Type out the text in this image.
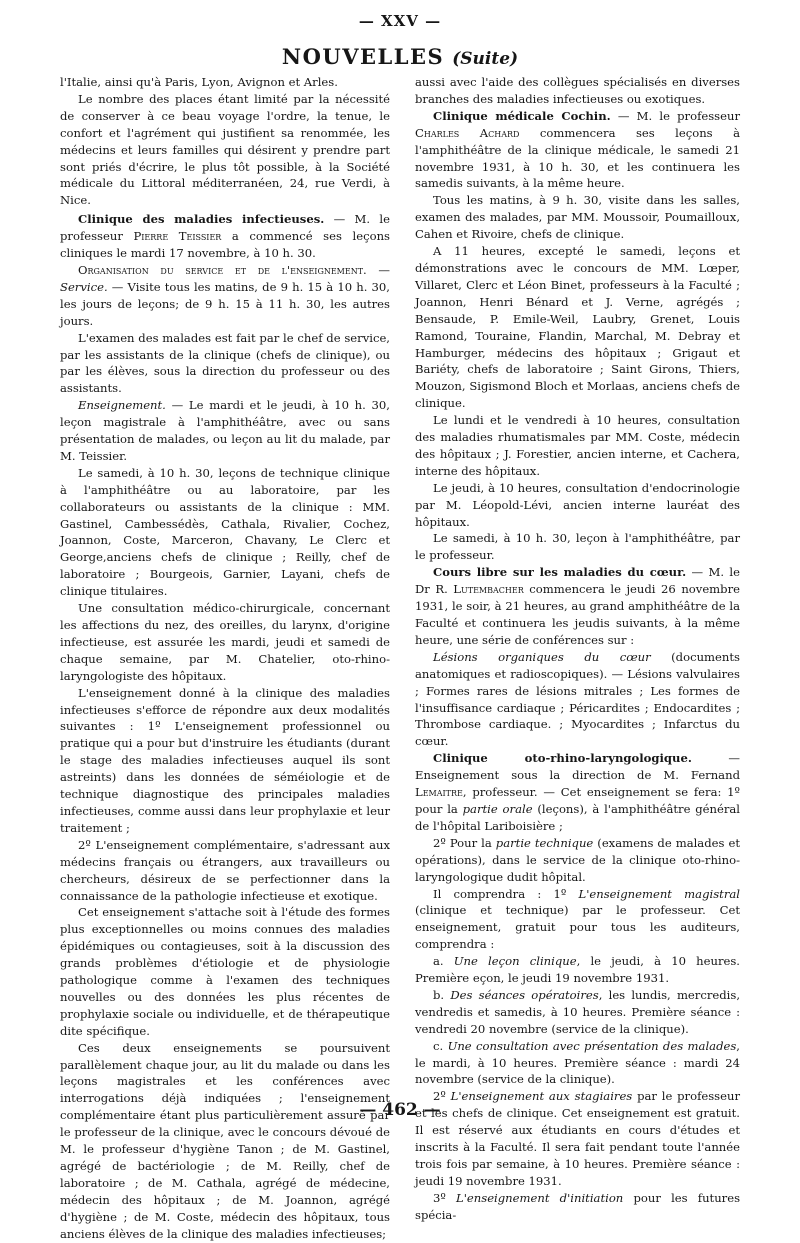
— XXV —
NOUVELLES (Suite)

l'Italie, ainsi qu'à Paris, Lyon, Avignon et Arles.

Le nombre des places étant limité par la nécessité de conserver à ce beau voyage l'ordre, la tenue, le confort et l'agrément qui justifient sa renommée, les médecins et leurs familles qui désirent y prendre part sont priés d'écrire, le plus tôt possible, à la Société médicale du Littoral méditerranéen, 24, rue Verdi, à Nice.

Clinique des maladies infectieuses. — M. le professeur Pierre Teissier a commencé ses leçons cliniques le mardi 17 novembre, à 10 h. 30.

Organisation du service et de l'enseignement. — Service. — Visite tous les matins, de 9 h. 15 à 10 h. 30, les jours de leçons; de 9 h. 15 à 11 h. 30, les autres jours.

L'examen des malades est fait par le chef de service, par les assistants de la clinique (chefs de clinique), ou par les élèves, sous la direction du professeur ou des assistants.

Enseignement. — Le mardi et le jeudi, à 10 h. 30, leçon magistrale à l'amphithéâtre, avec ou sans présentation de malades, ou leçon au lit du malade, par M. Teissier.

Le samedi, à 10 h. 30, leçons de technique clinique à l'amphithéâtre ou au laboratoire, par les collaborateurs ou assistants de la clinique : MM. Gastinel, Cambessédès, Cathala, Rivalier, Cochez, Joannon, Coste, Marceron, Chavany, Le Clerc et George,anciens chefs de clinique ; Reilly, chef de laboratoire ; Bourgeois, Garnier, Layani, chefs de clinique titulaires.

Une consultation médico-chirurgicale, concernant les affections du nez, des oreilles, du larynx, d'origine infectieuse, est assurée les mardi, jeudi et samedi de chaque semaine, par M. Chatelier, oto-rhino-laryngologiste des hôpitaux.

L'enseignement donné à la clinique des maladies infectieuses s'efforce de répondre aux deux modalités suivantes : 1º L'enseignement professionnel ou pratique qui a pour but d'instruire les étudiants (durant le stage des maladies infectieuses auquel ils sont astreints) dans les données de séméiologie et de technique diagnostique des principales maladies infectieuses, comme aussi dans leur prophylaxie et leur traitement ;

2º L'enseignement complémentaire, s'adressant aux médecins français ou étrangers, aux travailleurs ou chercheurs, désireux de se perfectionner dans la connaissance de la pathologie infectieuse et exotique.

Cet enseignement s'attache soit à l'étude des formes plus exceptionnelles ou moins connues des maladies épidémiques ou contagieuses, soit à la discussion des grands problèmes d'étiologie et de physiologie pathologique comme à l'examen des techniques nouvelles ou des données les plus récentes de prophylaxie sociale ou individuelle, et de thérapeutique dite spécifique.

Ces deux enseignements se poursuivent parallèlement chaque jour, au lit du malade ou dans les leçons magistrales et les conférences avec interrogations déjà indiquées ; l'enseignement complémentaire étant plus particulièrement assuré par le professeur de la clinique, avec le concours dévoué de M. le professeur d'hygiène Tanon ; de M. Gastinel, agrégé de bactériologie ; de M. Reilly, chef de laboratoire ; de M. Cathala, agrégé de médecine, médecin des hôpitaux ; de M. Joannon, agrégé d'hygiène ; de M. Coste, médecin des hôpitaux, tous anciens élèves de la clinique des maladies infectieuses;

aussi avec l'aide des collègues spécialisés en diverses branches des maladies infectieuses ou exotiques.

Clinique médicale Cochin. — M. le professeur Charles Achard commencera ses leçons à l'amphithéâtre de la clinique médicale, le samedi 21 novembre 1931, à 10 h. 30, et les continuera les samedis suivants, à la même heure.

Tous les matins, à 9 h. 30, visite dans les salles, examen des malades, par MM. Moussoir, Poumailloux, Cahen et Rivoire, chefs de clinique.

A 11 heures, excepté le samedi, leçons et démonstrations avec le concours de MM. Lœper, Villaret, Clerc et Léon Binet, professeurs à la Faculté ; Joannon, Henri Bénard et J. Verne, agrégés ; Bensaude, P. Emile-Weil, Laubry, Grenet, Louis Ramond, Touraine, Flandin, Marchal, M. Debray et Hamburger, médecins des hôpitaux ; Grigaut et Bariéty, chefs de laboratoire ; Saint Girons, Thiers, Mouzon, Sigismond Bloch et Morlaas, anciens chefs de clinique.

Le lundi et le vendredi à 10 heures, consultation des maladies rhumatismales par MM. Coste, médecin des hôpitaux ; J. Forestier, ancien interne, et Cachera, interne des hôpitaux.

Le jeudi, à 10 heures, consultation d'endocrinologie par M. Léopold-Lévi, ancien interne lauréat des hôpitaux.

Le samedi, à 10 h. 30, leçon à l'amphithéâtre, par le professeur.

Cours libre sur les maladies du cœur. — M. le Dr R. Lutembacher commencera le jeudi 26 novembre 1931, le soir, à 21 heures, au grand amphithéâtre de la Faculté et continuera les jeudis suivants, à la même heure, une série de conférences sur :

Lésions organiques du cœur (documents anatomiques et radioscopiques). — Lésions valvulaires ; Formes rares de lésions mitrales ; Les formes de l'insuffisance cardiaque ; Péricardites ; Endocardites ; Thrombose cardiaque. ; Myocardites ; Infarctus du cœur.

Clinique oto-rhino-laryngologique. — Enseignement sous la direction de M. Fernand Lemaitre, professeur. — Cet enseignement se fera: 1º pour la partie orale (leçons), à l'amphithéâtre général de l'hôpital Lariboisière ;

2º Pour la partie technique (examens de malades et opérations), dans le service de la clinique oto-rhino-laryngologique dudit hôpital.

Il comprendra : 1º L'enseignement magistral (clinique et technique) par le professeur. Cet enseignement, gratuit pour tous les auditeurs, comprendra :

a. Une leçon clinique, le jeudi, à 10 heures. Première eçon, le jeudi 19 novembre 1931.

b. Des séances opératoires, les lundis, mercredis, vendredis et samedis, à 10 heures. Première séance : vendredi 20 novembre (service de la clinique).

c. Une consultation avec présentation des malades, le mardi, à 10 heures. Première séance : mardi 24 novembre (service de la clinique).

2º L'enseignement aux stagiaires par le professeur et les chefs de clinique. Cet enseignement est gratuit. Il est réservé aux étudiants en cours d'études et inscrits à la Faculté. Il sera fait pendant toute l'année trois fois par semaine, à 10 heures. Première séance : jeudi 19 novembre 1931.

3º L'enseignement d'initiation pour les futures spécia-

— 462 —
